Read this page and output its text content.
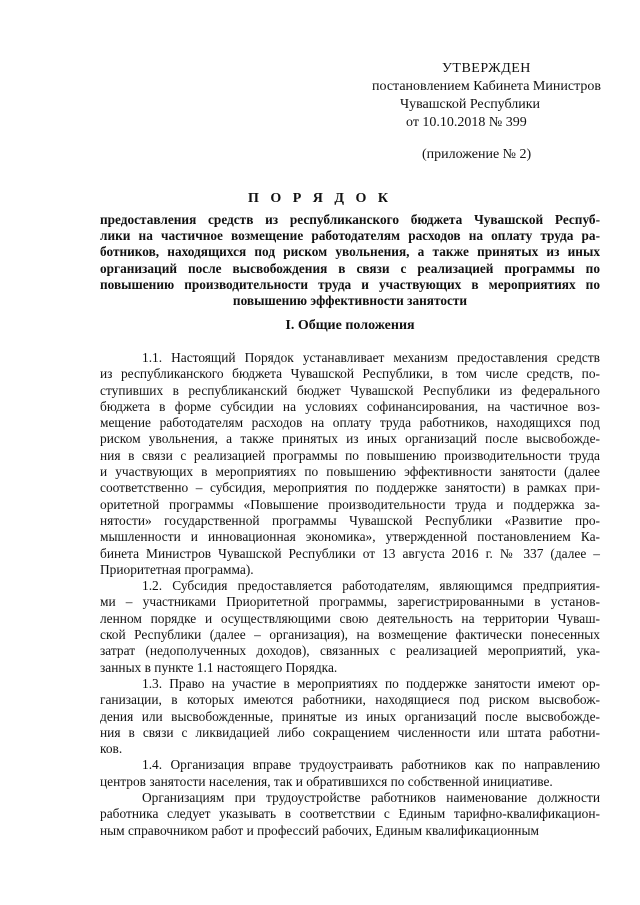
УТВЕРЖДЕН
постановлением Кабинета Министров
Чувашской Республики
от 10.10.2018 № 399
(приложение № 2)
П О Р Я Д О К
предоставления средств из республиканского бюджета Чувашской Респуб-
лики на частичное возмещение работодателям расходов на оплату труда ра-
ботников, находящихся под риском увольнения, а также принятых из иных
организаций после высвобождения в связи с реализацией программы по
повышению производительности труда и участвующих в мероприятиях по
повышению эффективности занятости
I. Общие положения
1.1. Настоящий Порядок устанавливает механизм предоставления средств
из республиканского бюджета Чувашской Республики, в том числе средств, по-
ступивших в республиканский бюджет Чувашской Республики из федерального
бюджета в форме субсидии на условиях софинансирования, на частичное воз-
мещение работодателям расходов на оплату труда работников, находящихся под
риском увольнения, а также принятых из иных организаций после высвобожде-
ния в связи с реализацией программы по повышению производительности труда
и участвующих в мероприятиях по повышению эффективности занятости (далее
соответственно – субсидия, мероприятия по поддержке занятости) в рамках при-
оритетной программы «Повышение производительности труда и поддержка за-
нятости» государственной программы Чувашской Республики «Развитие про-
мышленности и инновационная экономика», утвержденной постановлением Ка-
бинета Министров Чувашской Республики от 13 августа 2016 г. № 337 (далее –
Приоритетная программа).
1.2. Субсидия предоставляется работодателям, являющимся предприятия-
ми – участниками Приоритетной программы, зарегистрированными в установ-
ленном порядке и осуществляющими свою деятельность на территории Чуваш-
ской Республики (далее – организация), на возмещение фактически понесенных
затрат (недополученных доходов), связанных с реализацией мероприятий, ука-
занных в пункте 1.1 настоящего Порядка.
1.3. Право на участие в мероприятиях по поддержке занятости имеют ор-
ганизации, в которых имеются работники, находящиеся под риском высвобож-
дения или высвобожденные, принятые из иных организаций после высвобожде-
ния в связи с ликвидацией либо сокращением численности или штата работни-
ков.
1.4. Организация вправе трудоустраивать работников как по направлению
центров занятости населения, так и обратившихся по собственной инициативе.
Организациям при трудоустройстве работников наименование должности
работника следует указывать в соответствии с Единым тарифно-квалификацион-
ным справочником работ и профессий рабочих, Единым квалификационным
